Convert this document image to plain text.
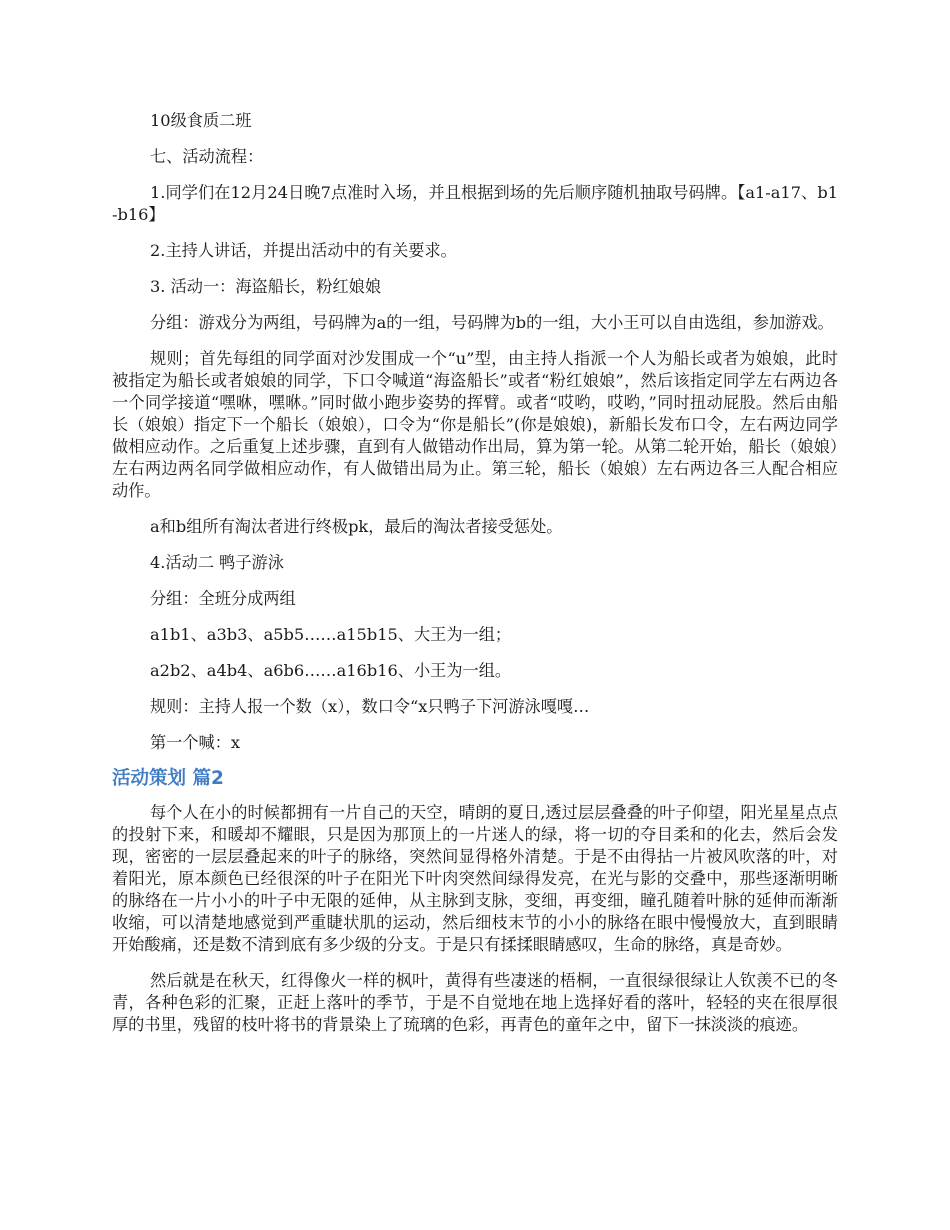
10级食质二班

七、活动流程：

1.同学们在12月24日晚7点准时入场，并且根据到场的先后顺序随机抽取号码牌。【a1-a17、b1-b16】

2.主持人讲话，并提出活动中的有关要求。

3. 活动一：海盗船长，粉红娘娘

分组：游戏分为两组，号码牌为a的一组，号码牌为b的一组，大小王可以自由选组，参加游戏。

规则；首先每组的同学面对沙发围成一个“u”型，由主持人指派一个人为船长或者为娘娘，此时被指定为船长或者娘娘的同学，下口令喊道“海盗船长”或者“粉红娘娘”，然后该指定同学左右两边各一个同学接道“嘿咻，嘿咻。”同时做小跑步姿势的挥臂。或者“哎哟，哎哟，”同时扭动屁股。然后由船长（娘娘）指定下一个船长（娘娘），口令为“你是船长”(你是娘娘)，新船长发布口令，左右两边同学做相应动作。之后重复上述步骤，直到有人做错动作出局，算为第一轮。从第二轮开始，船长（娘娘）左右两边两名同学做相应动作，有人做错出局为止。第三轮，船长（娘娘）左右两边各三人配合相应动作。

a和b组所有淘汰者进行终极pk，最后的淘汰者接受惩处。

4.活动二 鸭子游泳

分组：全班分成两组

a1b1、a3b3、a5b5……a15b15、大王为一组；

a2b2、a4b4、a6b6……a16b16、小王为一组。

规则：主持人报一个数（x），数口令“x只鸭子下河游泳嘎嘎…

第一个喊：x

活动策划 篇2

每个人在小的时候都拥有一片自己的天空，晴朗的夏日,透过层层叠叠的叶子仰望，阳光星星点点的投射下来，和暖却不耀眼，只是因为那顶上的一片迷人的绿，将一切的夺目柔和的化去，然后会发现，密密的一层层叠起来的叶子的脉络，突然间显得格外清楚。于是不由得拈一片被风吹落的叶，对着阳光，原本颜色已经很深的叶子在阳光下叶肉突然间绿得发亮，在光与影的交叠中，那些逐渐明晰的脉络在一片小小的叶子中无限的延伸，从主脉到支脉，变细，再变细，瞳孔随着叶脉的延伸而渐渐收缩，可以清楚地感觉到严重睫状肌的运动，然后细枝末节的小小的脉络在眼中慢慢放大，直到眼睛开始酸痛，还是数不清到底有多少级的分支。于是只有揉揉眼睛感叹，生命的脉络，真是奇妙。

然后就是在秋天，红得像火一样的枫叶，黄得有些凄迷的梧桐，一直很绿很绿让人钦羡不已的冬青，各种色彩的汇聚，正赶上落叶的季节，于是不自觉地在地上选择好看的落叶，轻轻的夹在很厚很厚的书里，残留的枝叶将书的背景染上了琉璃的色彩，再青色的童年之中，留下一抹淡淡的痕迹。
